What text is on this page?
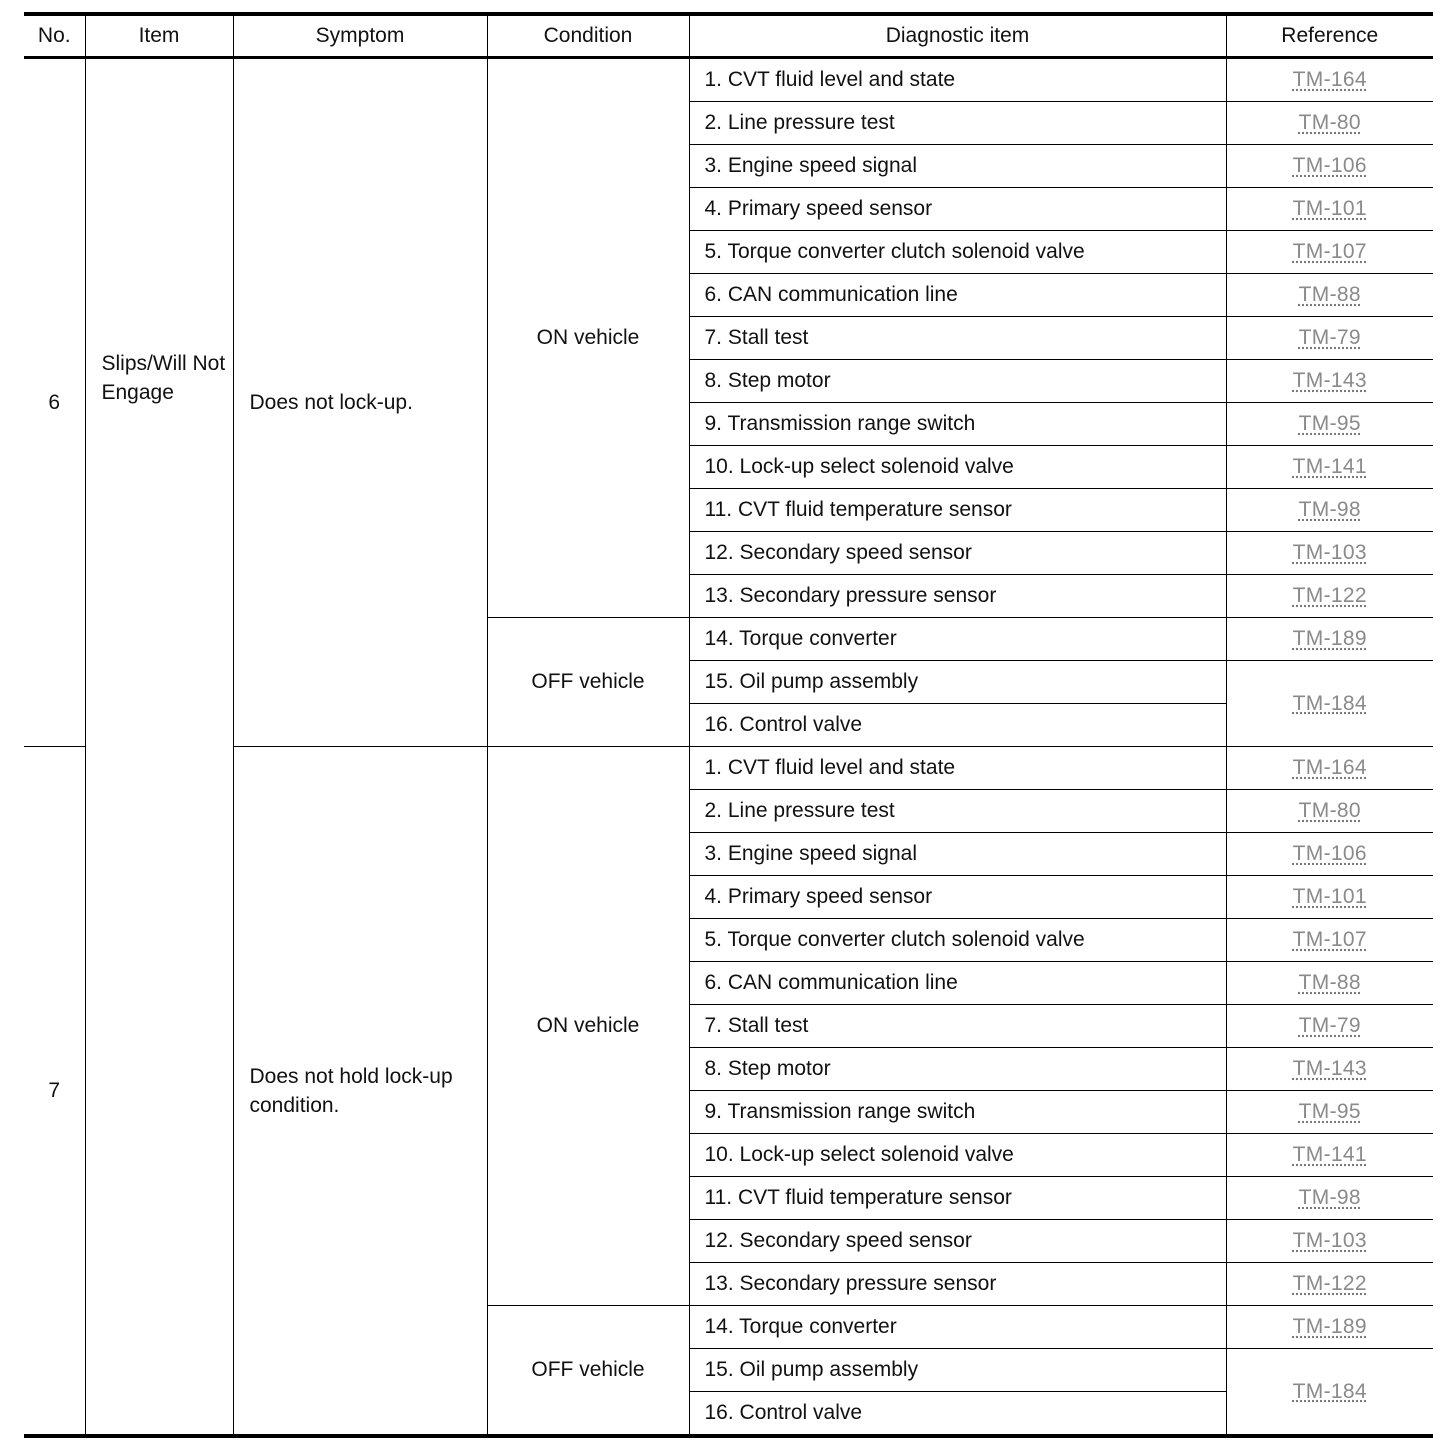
No.	Item	Symptom	Condition	Diagnostic item	Reference
6	Slips/Will Not Engage	Does not lock-up.	ON vehicle	1. CVT fluid level and state	TM-164
				2. Line pressure test	TM-80
				3. Engine speed signal	TM-106
				4. Primary speed sensor	TM-101
				5. Torque converter clutch solenoid valve	TM-107
				6. CAN communication line	TM-88
				7. Stall test	TM-79
				8. Step motor	TM-143
				9. Transmission range switch	TM-95
				10. Lock-up select solenoid valve	TM-141
				11. CVT fluid temperature sensor	TM-98
				12. Secondary speed sensor	TM-103
				13. Secondary pressure sensor	TM-122
			OFF vehicle	14. Torque converter	TM-189
				15. Oil pump assembly	TM-184
				16. Control valve	
7		Does not hold lock-up condition.	ON vehicle	1. CVT fluid level and state	TM-164
				2. Line pressure test	TM-80
				3. Engine speed signal	TM-106
				4. Primary speed sensor	TM-101
				5. Torque converter clutch solenoid valve	TM-107
				6. CAN communication line	TM-88
				7. Stall test	TM-79
				8. Step motor	TM-143
				9. Transmission range switch	TM-95
				10. Lock-up select solenoid valve	TM-141
				11. CVT fluid temperature sensor	TM-98
				12. Secondary speed sensor	TM-103
				13. Secondary pressure sensor	TM-122
			OFF vehicle	14. Torque converter	TM-189
				15. Oil pump assembly	TM-184
				16. Control valve	
